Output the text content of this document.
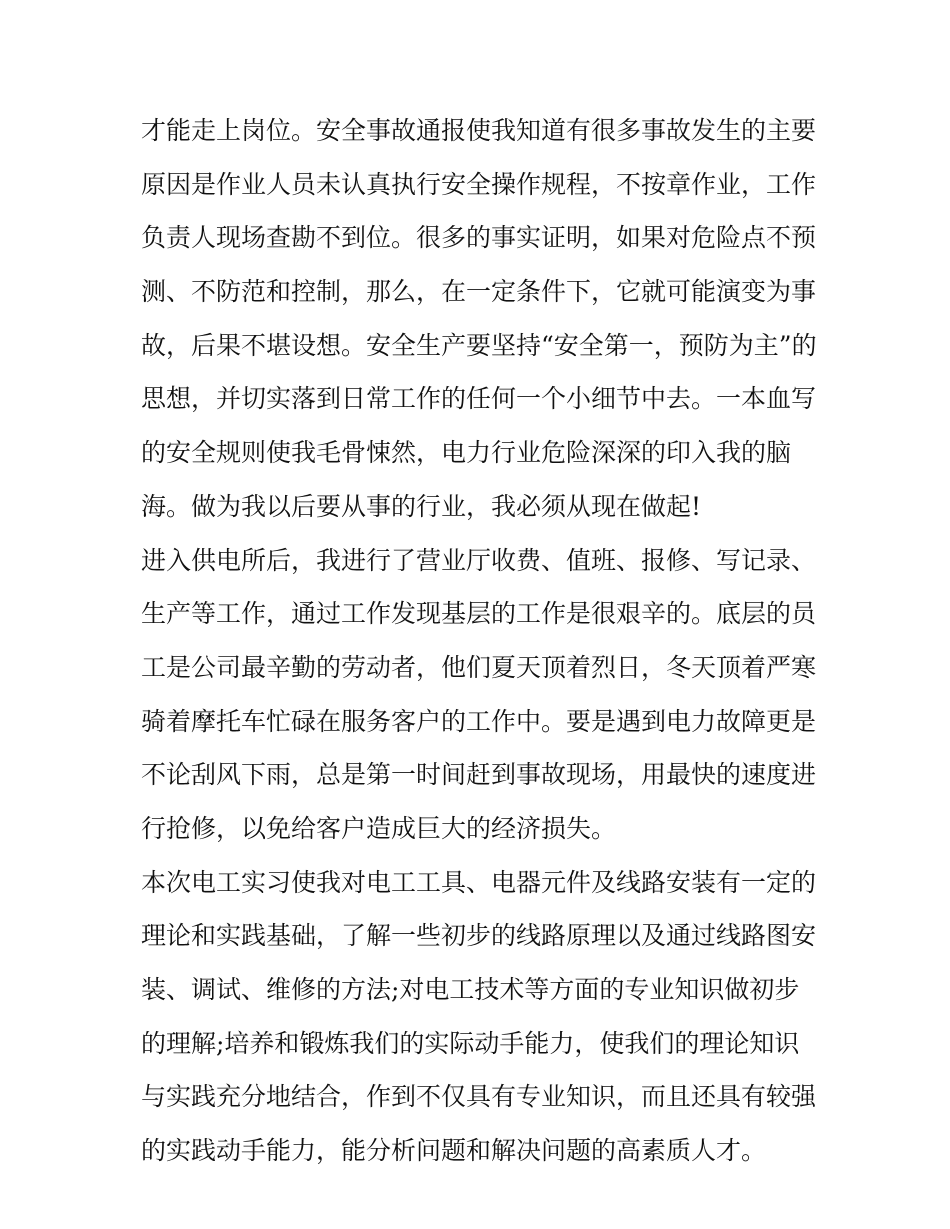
才能走上岗位。安全事故通报使我知道有很多事故发生的主要
原因是作业人员未认真执行安全操作规程，不按章作业，工作
负责人现场查勘不到位。很多的事实证明，如果对危险点不预
测、不防范和控制，那么，在一定条件下，它就可能演变为事
故，后果不堪设想。安全生产要坚持“安全第一，预防为主”的
思想，并切实落到日常工作的任何一个小细节中去。一本血写
的安全规则使我毛骨悚然，电力行业危险深深的印入我的脑
海。做为我以后要从事的行业，我必须从现在做起!
进入供电所后，我进行了营业厅收费、值班、报修、写记录、
生产等工作，通过工作发现基层的工作是很艰辛的。底层的员
工是公司最辛勤的劳动者，他们夏天顶着烈日，冬天顶着严寒
骑着摩托车忙碌在服务客户的工作中。要是遇到电力故障更是
不论刮风下雨，总是第一时间赶到事故现场，用最快的速度进
行抢修，以免给客户造成巨大的经济损失。
本次电工实习使我对电工工具、电器元件及线路安装有一定的
理论和实践基础，了解一些初步的线路原理以及通过线路图安
装、调试、维修的方法;对电工技术等方面的专业知识做初步
的理解;培养和锻炼我们的实际动手能力，使我们的理论知识
与实践充分地结合，作到不仅具有专业知识，而且还具有较强
的实践动手能力，能分析问题和解决问题的高素质人才。
